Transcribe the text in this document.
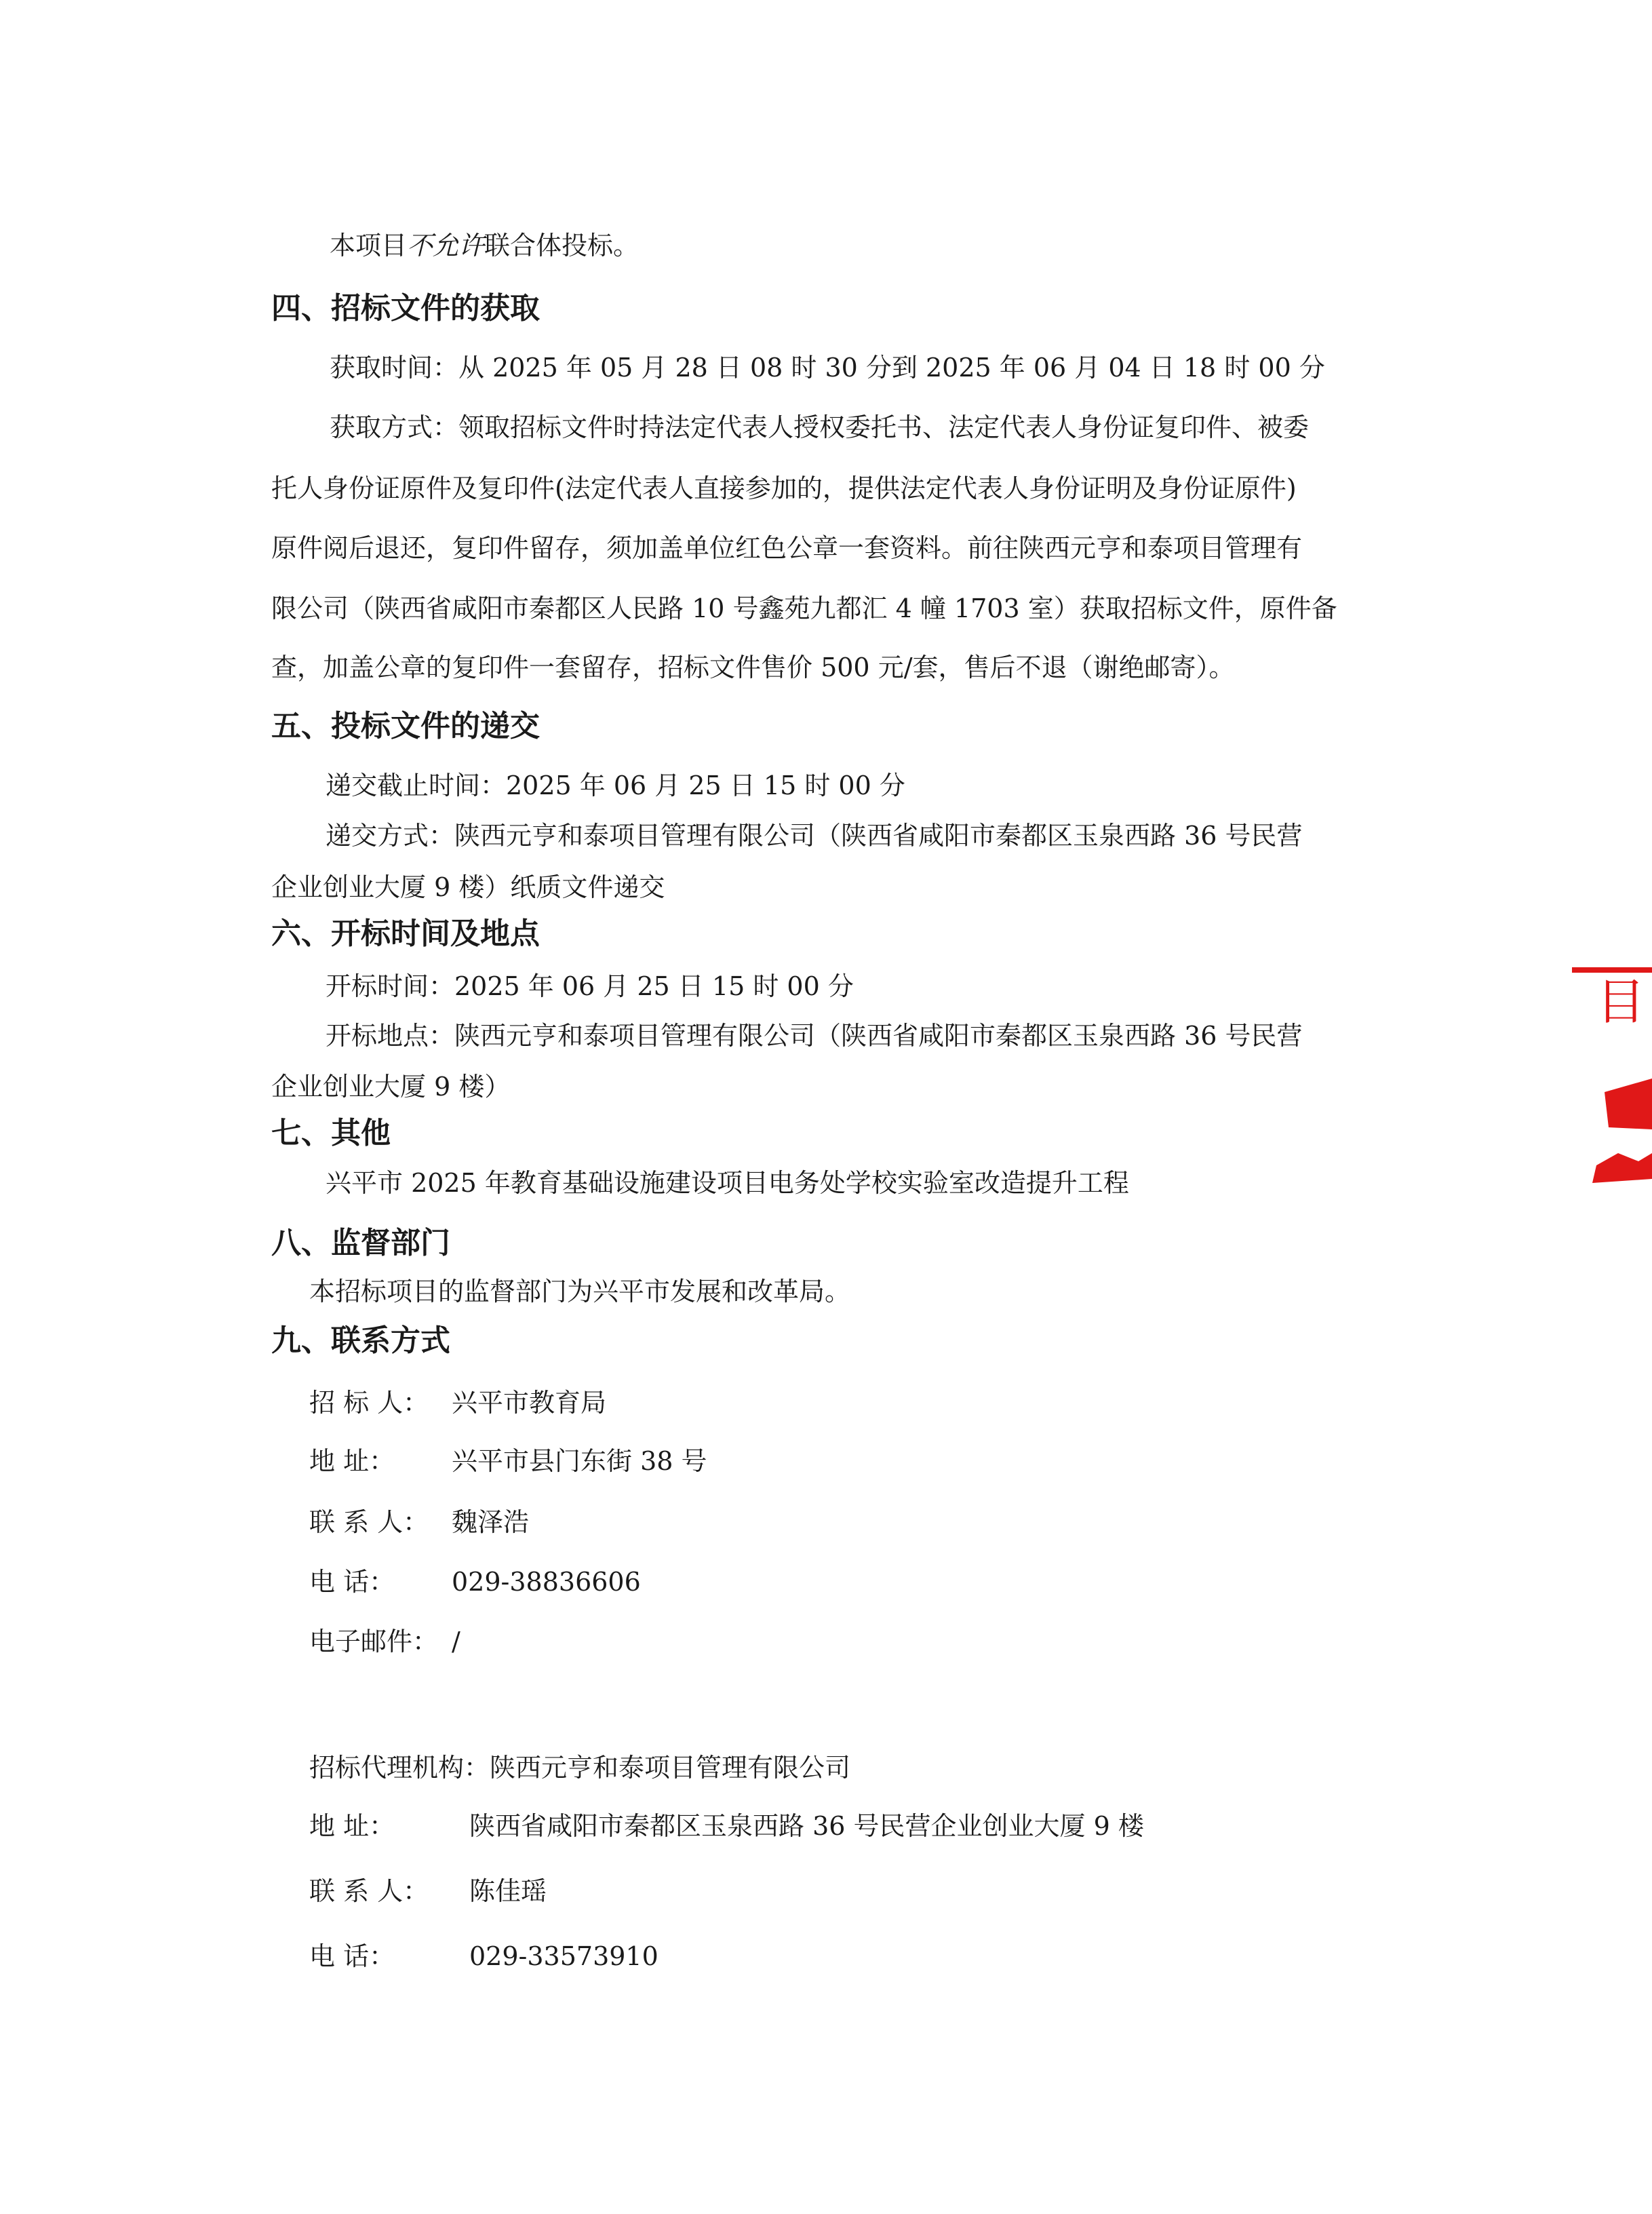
本项目不允许联合体投标。
四、招标文件的获取
获取时间：从 2025 年 05 月 28 日 08 时 30 分到 2025 年 06 月 04 日 18 时 00 分
获取方式：领取招标文件时持法定代表人授权委托书、法定代表人身份证复印件、被委
托人身份证原件及复印件(法定代表人直接参加的，提供法定代表人身份证明及身份证原件)
原件阅后退还，复印件留存，须加盖单位红色公章一套资料。前往陕西元亨和泰项目管理有
限公司（陕西省咸阳市秦都区人民路 10 号鑫苑九都汇 4 幢 1703 室）获取招标文件，原件备
查，加盖公章的复印件一套留存，招标文件售价 500 元/套，售后不退（谢绝邮寄）。
五、投标文件的递交
递交截止时间：2025 年 06 月 25 日 15 时 00 分
递交方式：陕西元亨和泰项目管理有限公司（陕西省咸阳市秦都区玉泉西路 36 号民营
企业创业大厦 9 楼）纸质文件递交
六、开标时间及地点
开标时间：2025 年 06 月 25 日 15 时 00 分
开标地点：陕西元亨和泰项目管理有限公司（陕西省咸阳市秦都区玉泉西路 36 号民营
企业创业大厦 9 楼）
七、其他
兴平市 2025 年教育基础设施建设项目电务处学校实验室改造提升工程
八、监督部门
本招标项目的监督部门为兴平市发展和改革局。
九、联系方式
招 标 人： 兴平市教育局
地 址： 兴平市县门东街 38 号
联 系 人： 魏泽浩
电 话： 029-38836606
电子邮件： /
招标代理机构：陕西元亨和泰项目管理有限公司
地 址：	陕西省咸阳市秦都区玉泉西路 36 号民营企业创业大厦 9 楼
联 系 人： 陈佳瑶
电 话：	029-33573910
目
